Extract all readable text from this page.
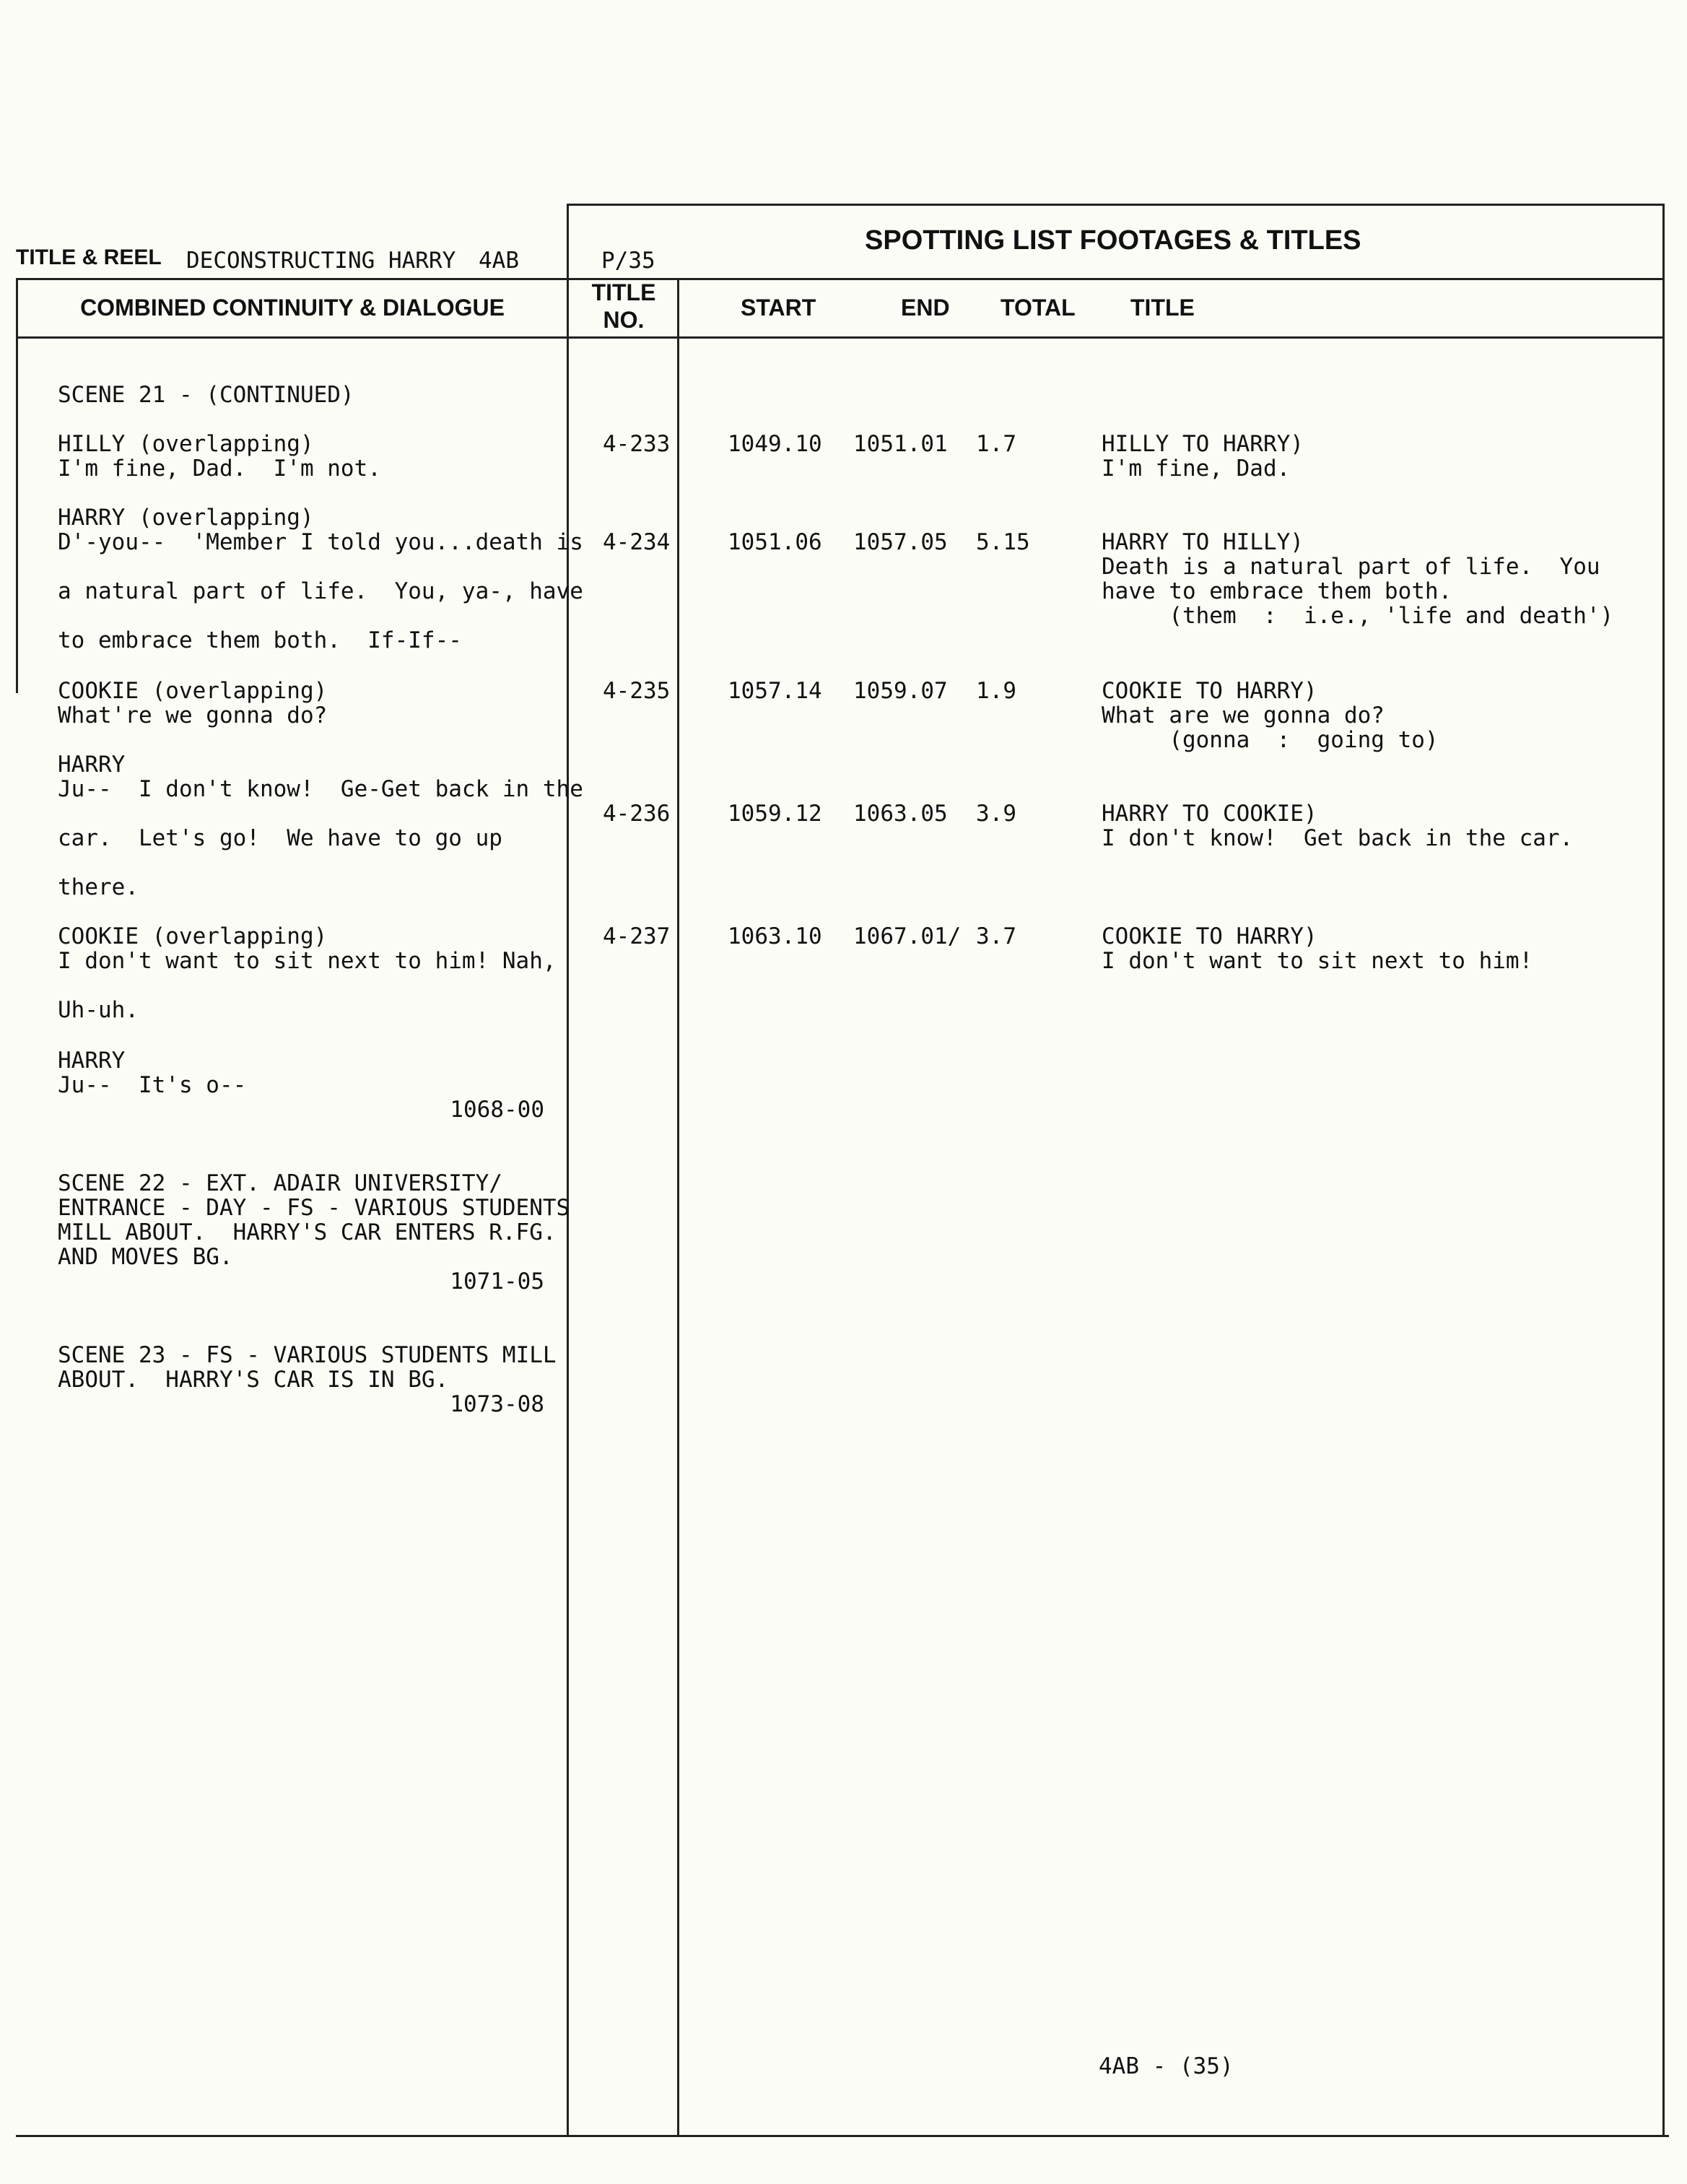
TITLE & REEL DECONSTRUCTING HARRY 4AB	P/35
SPOTTING LIST FOOTAGES & TITLES
COMBINED CONTINUITY & DIALOGUE
TITLE
NO.	START	END TOTAL TITLE
SCENE 21 - (CONTINUED)
HILLY (overlapping)
I'm fine, Dad.  I'm not.
HARRY (overlapping)
D'-you--  'Member I told you...death is
a natural part of life.  You, ya-, have
to embrace them both.  If-If--
COOKIE (overlapping)
What're we gonna do?
HARRY
Ju--  I don't know!  Ge-Get back in the
car.  Let's go!  We have to go up
there.
COOKIE (overlapping)
I don't want to sit next to him! Nah,
Uh-uh.
HARRY
Ju--  It's o--
1068-00
SCENE 22 - EXT. ADAIR UNIVERSITY/
ENTRANCE - DAY - FS - VARIOUS STUDENTS
MILL ABOUT.  HARRY'S CAR ENTERS R.FG.
AND MOVES BG.
1071-05
SCENE 23 - FS - VARIOUS STUDENTS MILL
ABOUT.  HARRY'S CAR IS IN BG.
1073-08
4-233	1049.10 1051.01 1.7	HILLY TO HARRY)
I'm fine, Dad.
4-234	1051.06 1057.05 5.15	HARRY TO HILLY)
Death is a natural part of life.  You
have to embrace them both.
(them  :  i.e., 'life and death')
4-235	1057.14 1059.07 1.9	COOKIE TO HARRY)
What are we gonna do?
(gonna  :  going to)
4-236	1059.12 1063.05 3.9	HARRY TO COOKIE)
I don't know!  Get back in the car.
4-237	1063.10 1067.01/ 3.7	COOKIE TO HARRY)
I don't want to sit next to him!
4AB - (35)
